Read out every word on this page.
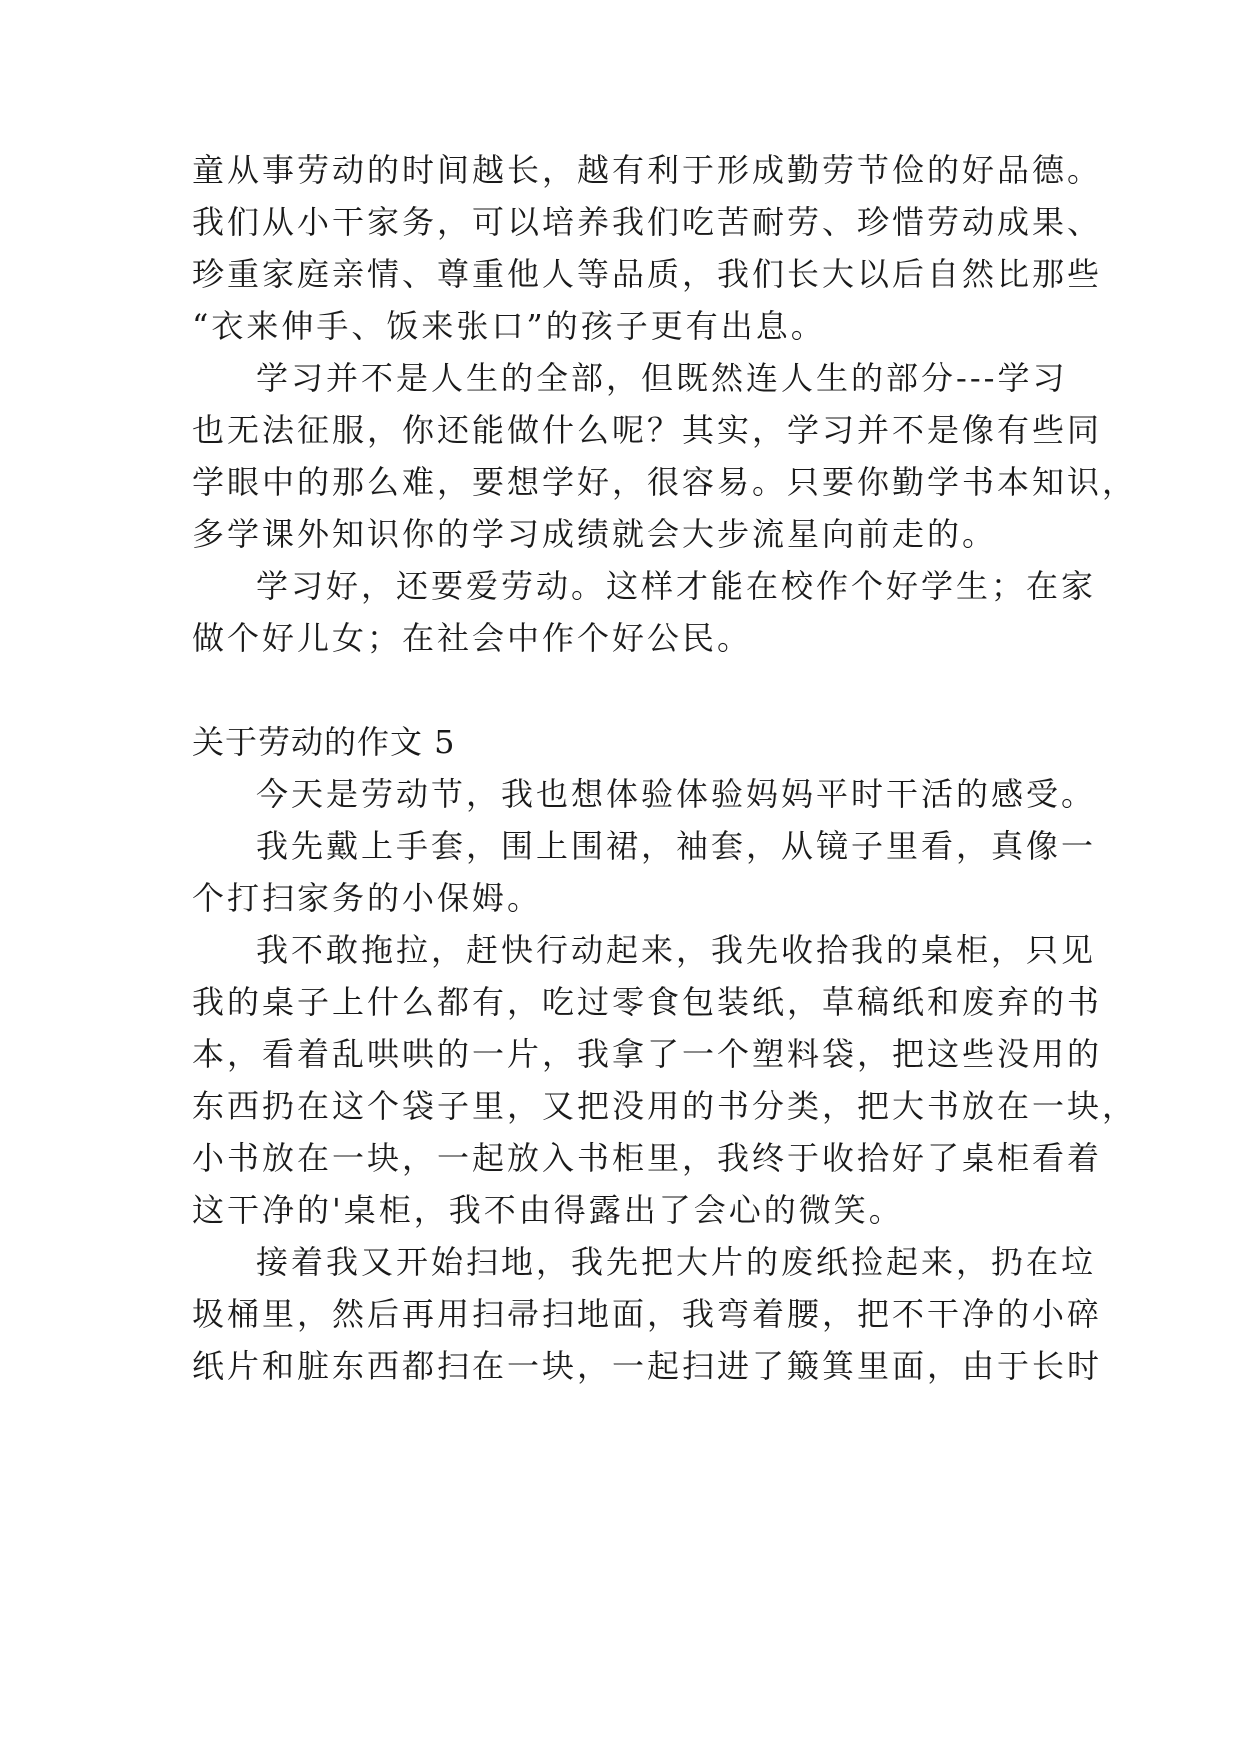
童从事劳动的时间越长，越有利于形成勤劳节俭的好品德。
我们从小干家务，可以培养我们吃苦耐劳、珍惜劳动成果、
珍重家庭亲情、尊重他人等品质，我们长大以后自然比那些
“衣来伸手、饭来张口”的孩子更有出息。
学习并不是人生的全部，但既然连人生的部分---学习
也无法征服，你还能做什么呢？其实，学习并不是像有些同
学眼中的那么难，要想学好，很容易。只要你勤学书本知识，
多学课外知识你的学习成绩就会大步流星向前走的。
学习好，还要爱劳动。这样才能在校作个好学生；在家
做个好儿女；在社会中作个好公民。
关于劳动的作文 5
今天是劳动节，我也想体验体验妈妈平时干活的感受。
我先戴上手套，围上围裙，袖套，从镜子里看，真像一
个打扫家务的小保姆。
我不敢拖拉，赶快行动起来，我先收拾我的桌柜，只见
我的桌子上什么都有，吃过零食包装纸，草稿纸和废弃的书
本，看着乱哄哄的一片，我拿了一个塑料袋，把这些没用的
东西扔在这个袋子里，又把没用的书分类，把大书放在一块，
小书放在一块，一起放入书柜里，我终于收拾好了桌柜看着
这干净的'桌柜，我不由得露出了会心的微笑。
接着我又开始扫地，我先把大片的废纸捡起来，扔在垃
圾桶里，然后再用扫帚扫地面，我弯着腰，把不干净的小碎
纸片和脏东西都扫在一块，一起扫进了簸箕里面，由于长时
